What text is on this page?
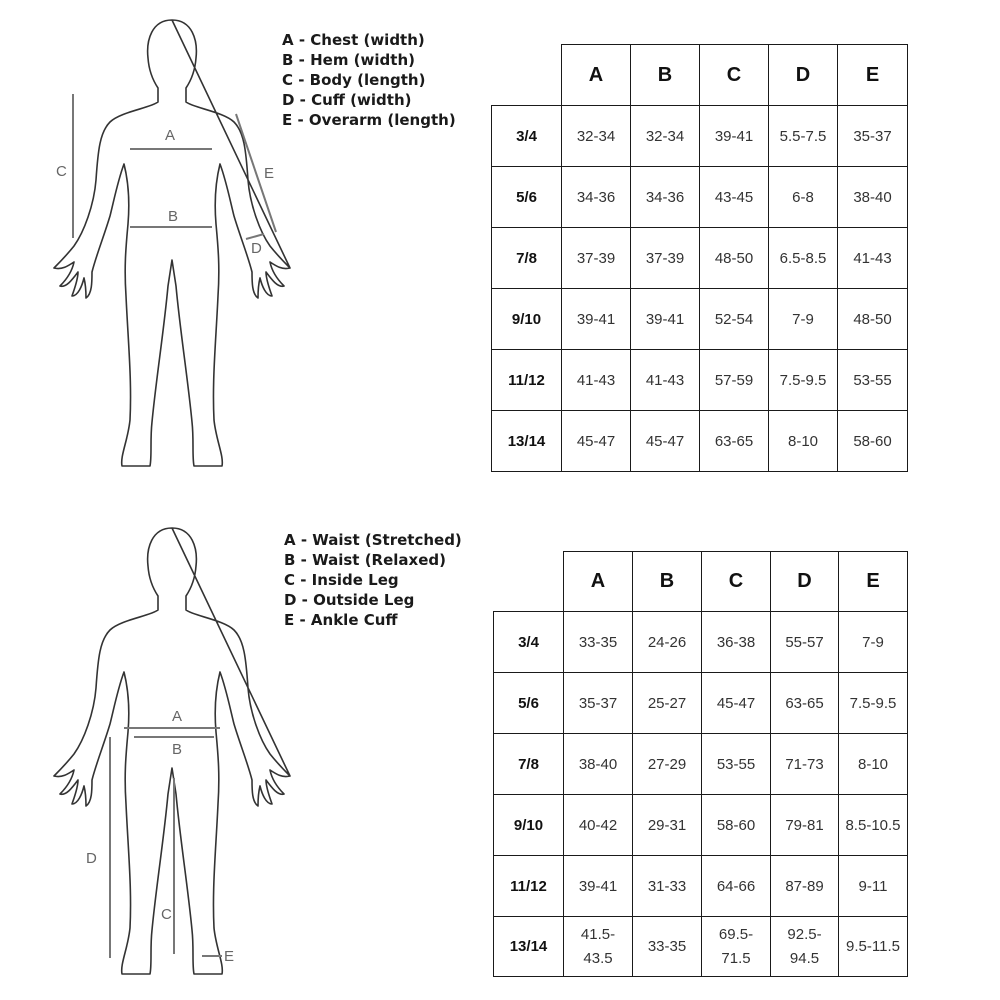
A
B
C
D
E
A - Chest (width)
B - Hem (width)
C - Body (length)
D - Cuff (width)
E - Overarm (length)
	A	B	C	D	E
3/4	32-34	32-34	39-41	5.5-7.5	35-37
5/6	34-36	34-36	43-45	6-8	38-40
7/8	37-39	37-39	48-50	6.5-8.5	41-43
9/10	39-41	39-41	52-54	7-9	48-50
11/12	41-43	41-43	57-59	7.5-9.5	53-55
13/14	45-47	45-47	63-65	8-10	58-60
A
B
C
D
E
A - Waist (Stretched)
B - Waist (Relaxed)
C - Inside Leg
D - Outside Leg
E - Ankle Cuff
	A	B	C	D	E
3/4	33-35	24-26	36-38	55-57	7-9
5/6	35-37	25-27	45-47	63-65	7.5-9.5
7/8	38-40	27-29	53-55	71-73	8-10
9/10	40-42	29-31	58-60	79-81	8.5-10.5
11/12	39-41	31-33	64-66	87-89	9-11
13/14	41.5-43.5	33-35	69.5-71.5	92.5-94.5	9.5-11.5
